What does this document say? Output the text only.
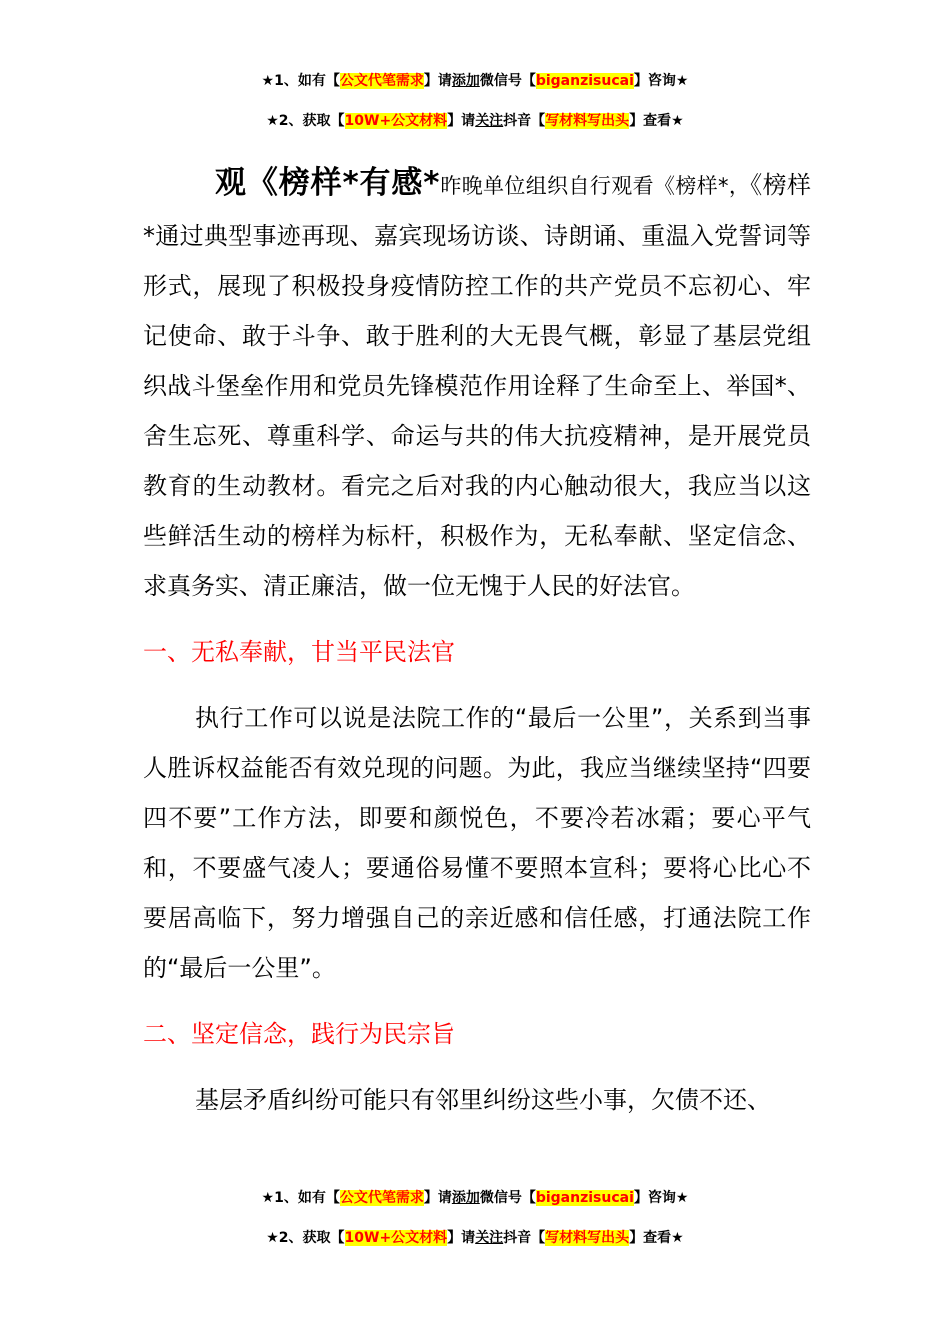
★1、如有【公文代笔需求】请添加微信号【biganzisucai】咨询★
★2、获取【10W+公文材料】请关注抖音【写材料写出头】查看★

观《榜样*有感*昨晚单位组织自行观看《榜样*，《榜样*通过典型事迹再现、嘉宾现场访谈、诗朗诵、重温入党誓词等形式，展现了积极投身疫情防控工作的共产党员不忘初心、牢记使命、敢于斗争、敢于胜利的大无畏气概，彰显了基层党组织战斗堡垒作用和党员先锋模范作用诠释了生命至上、举国*、舍生忘死、尊重科学、命运与共的伟大抗疫精神，是开展党员教育的生动教材。看完之后对我的内心触动很大，我应当以这些鲜活生动的榜样为标杆，积极作为，无私奉献、坚定信念、求真务实、清正廉洁，做一位无愧于人民的好法官。

一、无私奉献，甘当平民法官

执行工作可以说是法院工作的“最后一公里”，关系到当事人胜诉权益能否有效兑现的问题。为此，我应当继续坚持“四要四不要”工作方法，即要和颜悦色，不要冷若冰霜；要心平气和，不要盛气凌人；要通俗易懂不要照本宣科；要将心比心不要居高临下，努力增强自己的亲近感和信任感，打通法院工作的“最后一公里”。

二、坚定信念，践行为民宗旨

基层矛盾纠纷可能只有邻里纠纷这些小事，欠债不还、

★1、如有【公文代笔需求】请添加微信号【biganzisucai】咨询★
★2、获取【10W+公文材料】请关注抖音【写材料写出头】查看★
